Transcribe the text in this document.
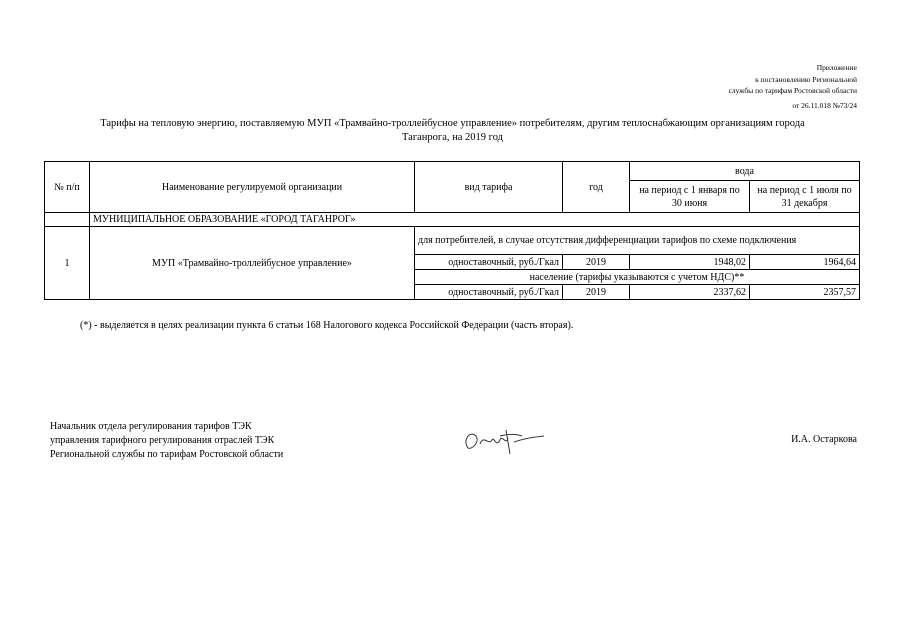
Приложение
к постановлению Региональной
службы по тарифам Ростовской области
от 26.11.018 №73/24
Тарифы на тепловую энергию, поставляемую МУП «Трамвайно-троллейбусное управление» потребителям, другим теплоснабжающим организациям города
Таганрога, на 2019 год
№ п/п	Наименование регулируемой организации	вид тарифа	год	вода	
				на период с 1 января по 30 июня	на период с 1 июля по 31 декабря
	МУНИЦИПАЛЬНОЕ ОБРАЗОВАНИЕ «ГОРОД ТАГАНРОГ»				
1	МУП «Трамвайно-троллейбусное управление»	для потребителей, в случае отсутствия дифференциации тарифов по схеме подключения			
		одноставочный, руб./Гкал	2019	1948,02	1964,64
		население (тарифы указываются с учетом НДС)**			
		одноставочный, руб./Гкал	2019	2337,62	2357,57
(*) - выделяется в целях реализации пункта 6 статьи 168 Налогового кодекса Российской Федерации (часть вторая).
Начальник отдела регулирования тарифов ТЭК
управления тарифного регулирования отраслей ТЭК
Региональной службы по тарифам Ростовской области
И.А. Остаркова
